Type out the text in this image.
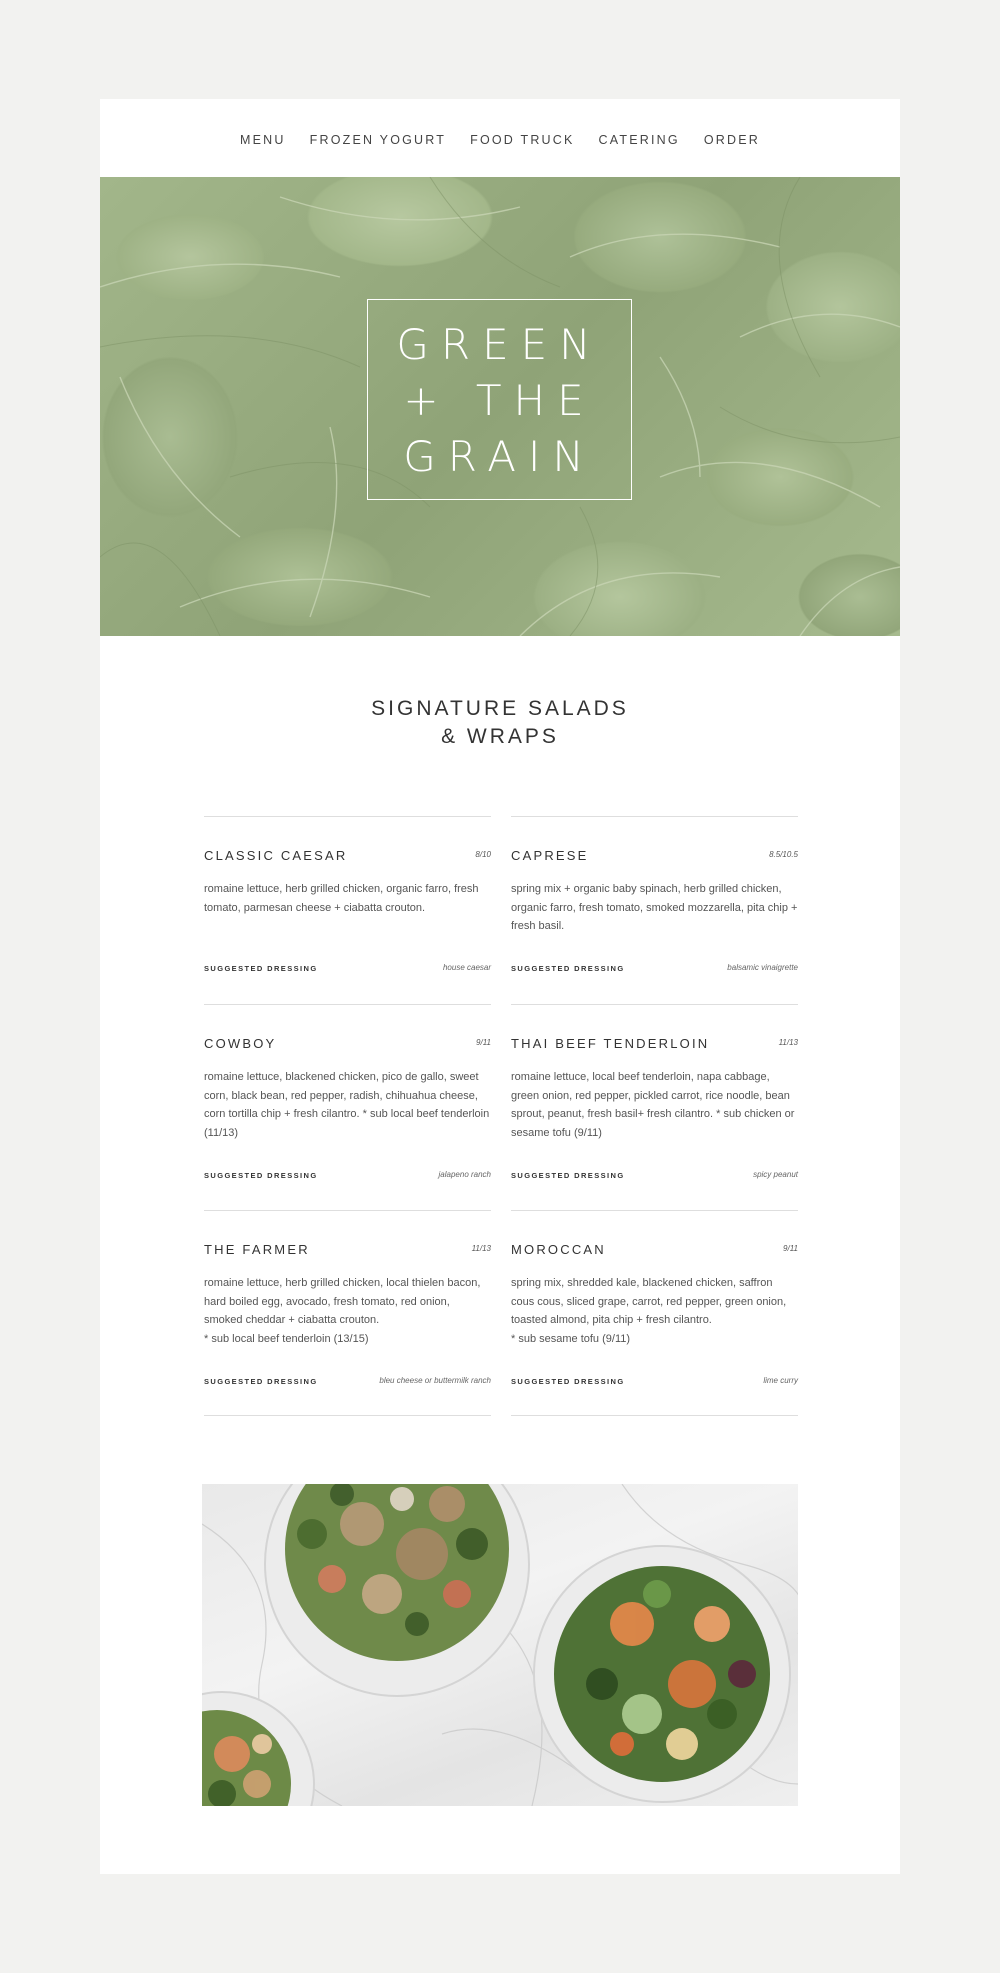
MENU FROZEN YOGURT FOOD TRUCK CATERING ORDER
GREEN
+ THE
GRAIN
SIGNATURE SALADS
& WRAPS
CLASSIC CAESAR	8/10
romaine lettuce, herb grilled chicken, organic farro, fresh tomato, parmesan cheese + ciabatta crouton.
SUGGESTED DRESSING	house caesar
CAPRESE	8.5/10.5
spring mix + organic baby spinach, herb grilled chicken, organic farro, fresh tomato, smoked mozzarella, pita chip + fresh basil.
SUGGESTED DRESSING	balsamic vinaigrette
COWBOY	9/11
romaine lettuce, blackened chicken, pico de gallo, sweet corn, black bean, red pepper, radish, chihuahua cheese, corn tortilla chip + fresh cilantro. * sub local beef tenderloin (11/13)
SUGGESTED DRESSING	jalapeno ranch
THAI BEEF TENDERLOIN	11/13
romaine lettuce, local beef tenderloin, napa cabbage, green onion, red pepper, pickled carrot, rice noodle, bean sprout, peanut, fresh basil+ fresh cilantro. * sub chicken or sesame tofu (9/11)
SUGGESTED DRESSING	spicy peanut
THE FARMER	11/13
romaine lettuce, herb grilled chicken, local thielen bacon, hard boiled egg, avocado, fresh tomato, red onion, smoked cheddar + ciabatta crouton.
* sub local beef tenderloin (13/15)
SUGGESTED DRESSING	bleu cheese or buttermilk ranch
MOROCCAN	9/11
spring mix, shredded kale, blackened chicken, saffron cous cous, sliced grape, carrot, red pepper, green onion, toasted almond, pita chip + fresh cilantro.
* sub sesame tofu (9/11)
SUGGESTED DRESSING	lime curry
